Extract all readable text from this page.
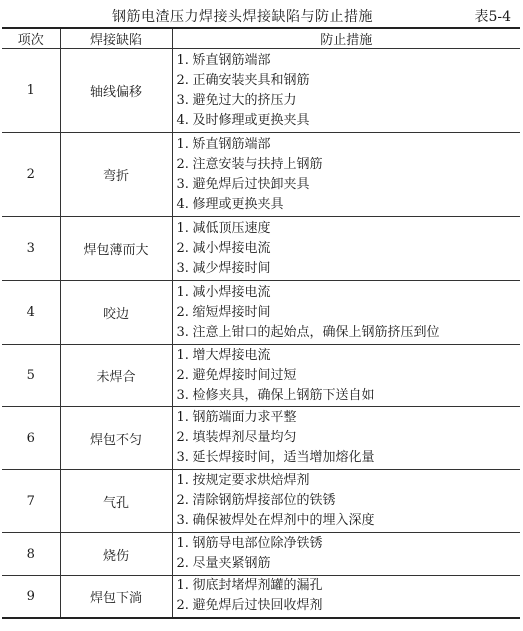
钢筋电渣压力焊接头焊接缺陷与防止措施	表5-4
项次	焊接缺陷	防止措施
1	轴线偏移	1. 矫直钢筋端部
2. 正确安装夹具和钢筋
3. 避免过大的挤压力
4. 及时修理或更换夹具

2	弯折	1. 矫直钢筋端部
2. 注意安装与扶持上钢筋
3. 避免焊后过快卸夹具
4. 修理或更换夹具

3	焊包薄而大	1. 减低顶压速度
2. 减小焊接电流
3. 减少焊接时间

4	咬边	1. 减小焊接电流
2. 缩短焊接时间
3. 注意上钳口的起始点，确保上钢筋挤压到位

5	未焊合	1. 增大焊接电流
2. 避免焊接时间过短
3. 检修夹具，确保上钢筋下送自如

6	焊包不匀	1. 钢筋端面力求平整
2. 填装焊剂尽量均匀
3. 延长焊接时间，适当增加熔化量

7	气孔	1. 按规定要求烘焙焊剂
2. 清除钢筋焊接部位的铁锈
3. 确保被焊处在焊剂中的埋入深度

8	烧伤	1. 钢筋导电部位除净铁锈
2. 尽量夹紧钢筋

9	焊包下淌	1. 彻底封堵焊剂罐的漏孔
2. 避免焊后过快回收焊剂
